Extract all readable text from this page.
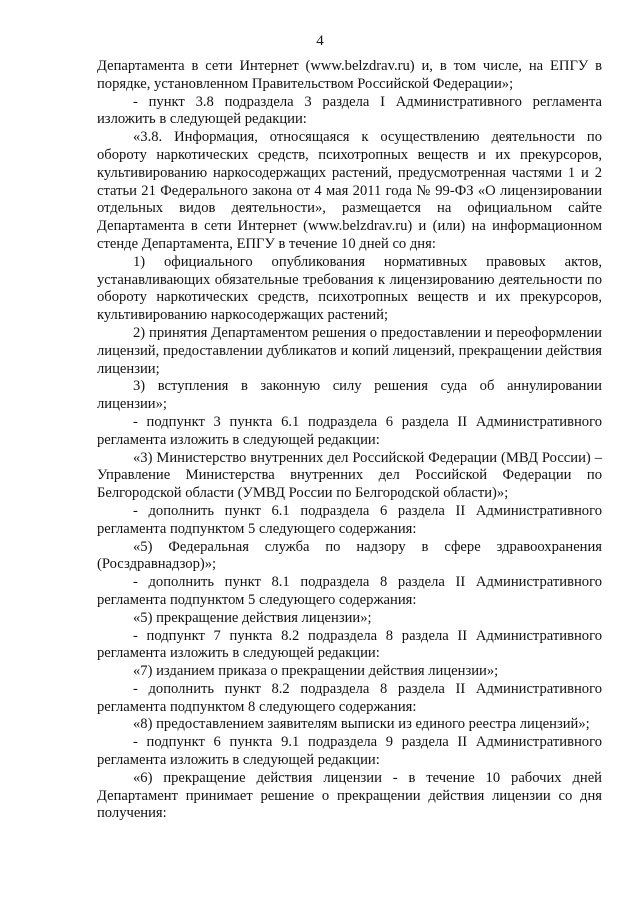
4

Департамента в сети Интернет (www.belzdrav.ru) и, в том числе, на ЕПГУ в порядке, установленном Правительством Российской Федерации»;

- пункт 3.8 подраздела 3 раздела I Административного регламента изложить в следующей редакции:

«3.8. Информация, относящаяся к осуществлению деятельности по обороту наркотических средств, психотропных веществ и их прекурсоров, культивированию наркосодержащих растений, предусмотренная частями 1 и 2 статьи 21 Федерального закона от 4 мая 2011 года № 99-ФЗ «О лицензировании отдельных видов деятельности», размещается на официальном сайте Департамента в сети Интернет (www.belzdrav.ru) и (или) на информационном стенде Департамента, ЕПГУ в течение 10 дней со дня:

1) официального опубликования нормативных правовых актов, устанавливающих обязательные требования к лицензированию деятельности по обороту наркотических средств, психотропных веществ и их прекурсоров, культивированию наркосодержащих растений;

2) принятия Департаментом решения о предоставлении и переоформлении лицензий, предоставлении дубликатов и копий лицензий, прекращении действия лицензии;

3) вступления в законную силу решения суда об аннулировании лицензии»;

- подпункт 3 пункта 6.1 подраздела 6 раздела II Административного регламента изложить в следующей редакции:

«3) Министерство внутренних дел Российской Федерации (МВД России) – Управление Министерства внутренних дел Российской Федерации по Белгородской области (УМВД России по Белгородской области)»;

- дополнить пункт 6.1 подраздела 6 раздела II Административного регламента подпунктом 5 следующего содержания:

«5) Федеральная служба по надзору в сфере здравоохранения (Росздравнадзор)»;

- дополнить пункт 8.1 подраздела 8 раздела II Административного регламента подпунктом 5 следующего содержания:

«5) прекращение действия лицензии»;

- подпункт 7 пункта 8.2 подраздела 8 раздела II Административного регламента изложить в следующей редакции:

«7) изданием приказа о прекращении действия лицензии»;

- дополнить пункт 8.2 подраздела 8 раздела II Административного регламента подпунктом 8 следующего содержания:

«8) предоставлением заявителям выписки из единого реестра лицензий»;

- подпункт 6 пункта 9.1 подраздела 9 раздела II Административного регламента изложить в следующей редакции:

«6) прекращение действия лицензии - в течение 10 рабочих дней Департамент принимает решение о прекращении действия лицензии со дня получения:
